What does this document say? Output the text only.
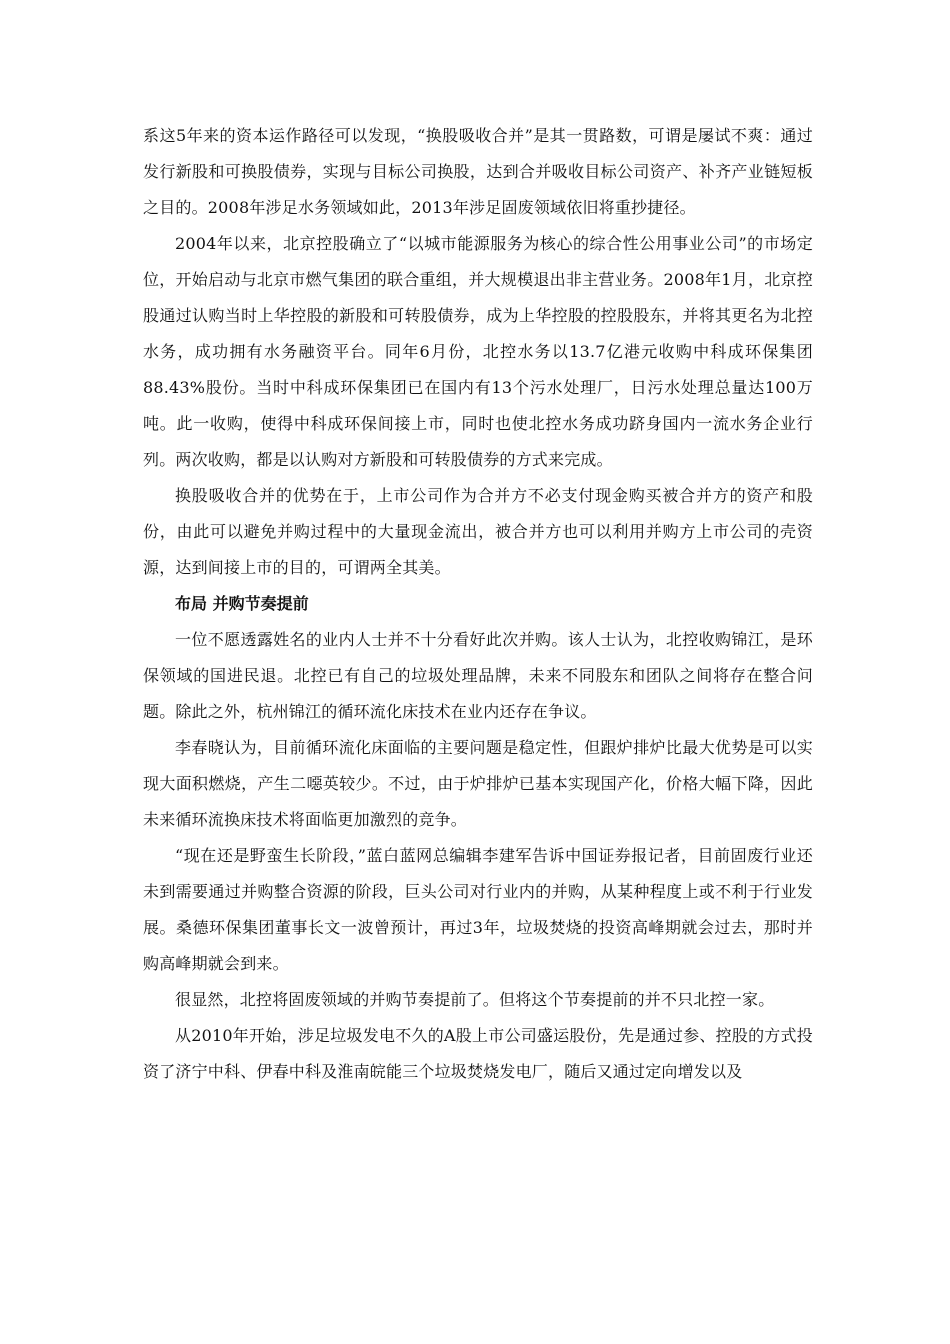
系这5年来的资本运作路径可以发现，“换股吸收合并”是其一贯路数，可谓是屡试不爽：通过发行新股和可换股债券，实现与目标公司换股，达到合并吸收目标公司资产、补齐产业链短板之目的。2008年涉足水务领域如此，2013年涉足固废领域依旧将重抄捷径。

2004年以来，北京控股确立了“以城市能源服务为核心的综合性公用事业公司”的市场定位，开始启动与北京市燃气集团的联合重组，并大规模退出非主营业务。2008年1月，北京控股通过认购当时上华控股的新股和可转股债券，成为上华控股的控股股东，并将其更名为北控水务，成功拥有水务融资平台。同年6月份，北控水务以13.7亿港元收购中科成环保集团88.43%股份。当时中科成环保集团已在国内有13个污水处理厂，日污水处理总量达100万吨。此一收购，使得中科成环保间接上市，同时也使北控水务成功跻身国内一流水务企业行列。两次收购，都是以认购对方新股和可转股债券的方式来完成。

换股吸收合并的优势在于，上市公司作为合并方不必支付现金购买被合并方的资产和股份，由此可以避免并购过程中的大量现金流出，被合并方也可以利用并购方上市公司的壳资源，达到间接上市的目的，可谓两全其美。

布局 并购节奏提前

一位不愿透露姓名的业内人士并不十分看好此次并购。该人士认为，北控收购锦江，是环保领域的国进民退。北控已有自己的垃圾处理品牌，未来不同股东和团队之间将存在整合问题。除此之外，杭州锦江的循环流化床技术在业内还存在争议。

李春晓认为，目前循环流化床面临的主要问题是稳定性，但跟炉排炉比最大优势是可以实现大面积燃烧，产生二噁英较少。不过，由于炉排炉已基本实现国产化，价格大幅下降，因此未来循环流换床技术将面临更加激烈的竞争。

“现在还是野蛮生长阶段，”蓝白蓝网总编辑李建军告诉中国证券报记者，目前固废行业还未到需要通过并购整合资源的阶段，巨头公司对行业内的并购，从某种程度上或不利于行业发展。桑德环保集团董事长文一波曾预计，再过3年，垃圾焚烧的投资高峰期就会过去，那时并购高峰期就会到来。

很显然，北控将固废领域的并购节奏提前了。但将这个节奏提前的并不只北控一家。

从2010年开始，涉足垃圾发电不久的A股上市公司盛运股份，先是通过参、控股的方式投资了济宁中科、伊春中科及淮南皖能三个垃圾焚烧发电厂，随后又通过定向增发以及
